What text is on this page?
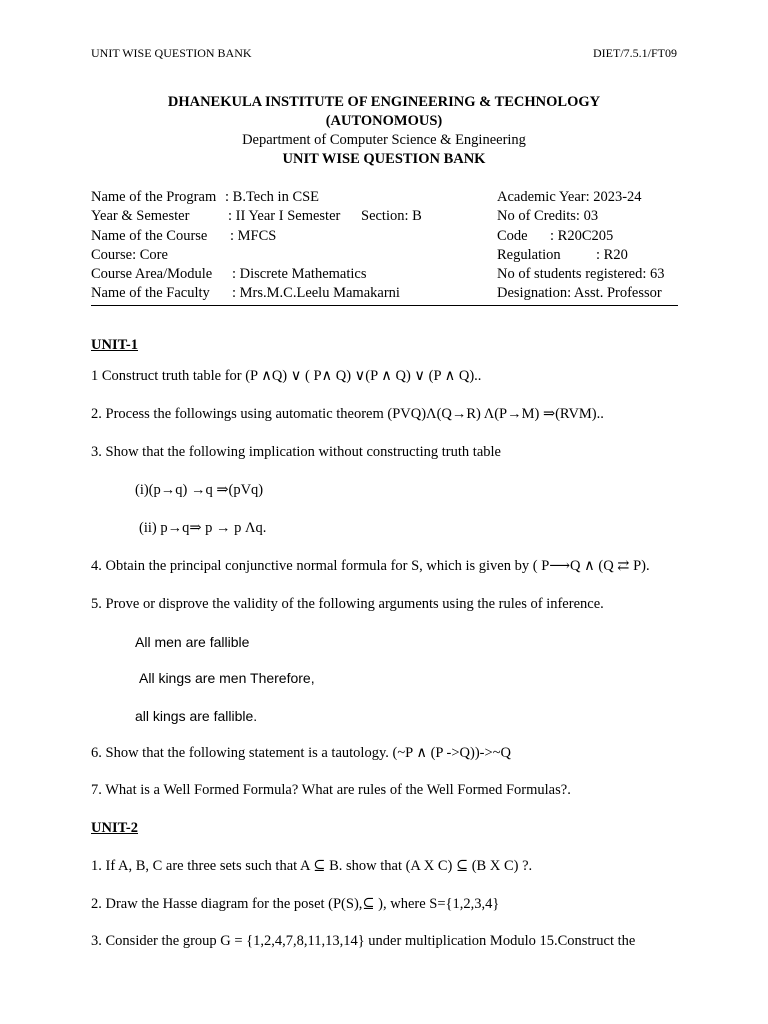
UNIT WISE QUESTION BANK	DIET/7.5.1/FT09
DHANEKULA INSTITUTE OF ENGINEERING & TECHNOLOGY
(AUTONOMOUS)
Department of Computer Science & Engineering
UNIT WISE QUESTION BANK
Name of the Program : B.Tech in CSE	Academic Year: 2023-24
Year & Semester	: II Year I Semester Section: B	No of Credits: 03
Name of the Course : MFCS	Code : R20C205
Course: Core	Regulation : R20
Course Area/Module : Discrete Mathematics	No of students registered: 63
Name of the Faculty : Mrs.M.C.Leelu Mamakarni	Designation: Asst. Professor
UNIT-1
1 Construct truth table for (P ∧Q) ∨ ( P∧ Q) ∨(P ∧ Q) ∨ (P ∧ Q)..
2. Process the followings using automatic theorem (PVQ)Λ(Q→R) Λ(P→M) ⇒(RVM)..
3. Show that the following implication without constructing truth table
(i)(p→q) →q ⇒(pVq)
(ii) p→q⇒ p → p Λq.
4. Obtain the principal conjunctive normal formula for S, which is given by ( P⟶Q ∧ (Q ⇄ P).
5. Prove or disprove the validity of the following arguments using the rules of inference.
All men are fallible
All kings are men Therefore,
all kings are fallible.
6. Show that the following statement is a tautology. (~P ∧ (P ->Q))->~Q
7. What is a Well Formed Formula? What are rules of the Well Formed Formulas?.
UNIT-2
1. If A, B, C are three sets such that A ⊆ B. show that (A X C) ⊆ (B X C) ?.
2. Draw the Hasse diagram for the poset (P(S),⊆ ), where S={1,2,3,4}
3. Consider the group G = {1,2,4,7,8,11,13,14} under multiplication Modulo 15.Construct the
